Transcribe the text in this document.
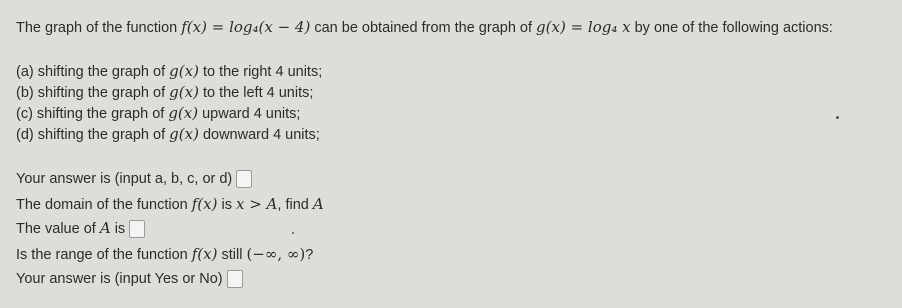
The graph of the function f(x) = log₄(x − 4) can be obtained from the graph of g(x) = log₄ x by one of the following actions:
(a) shifting the graph of g(x) to the right 4 units;
(b) shifting the graph of g(x) to the left 4 units;
(c) shifting the graph of g(x) upward 4 units;
(d) shifting the graph of g(x) downward 4 units;
Your answer is (input a, b, c, or d)
The domain of the function f(x) is x > A, find A
The value of A is
Is the range of the function f(x) still (−∞, ∞)?
Your answer is (input Yes or No)
